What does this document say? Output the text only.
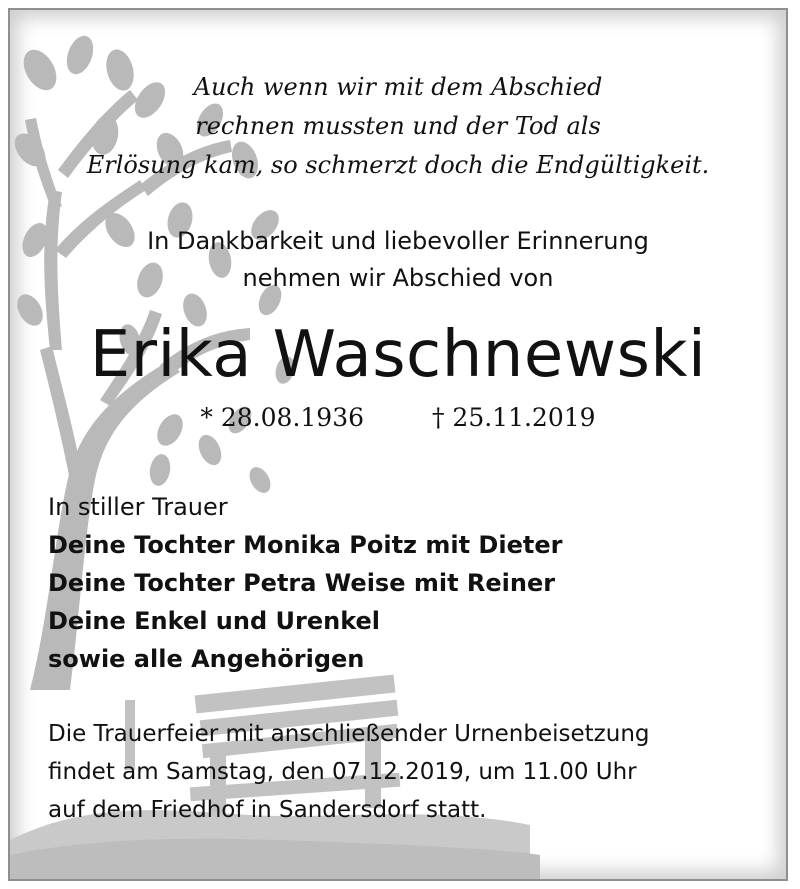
Auch wenn wir mit dem Abschied
rechnen mussten und der Tod als
Erlösung kam, so schmerzt doch die Endgültigkeit.
In Dankbarkeit und liebevoller Erinnerung
nehmen wir Abschied von
Erika Waschnewski
* 28.08.1936	† 25.11.2019
In stiller Trauer
Deine Tochter Monika Poitz mit Dieter
Deine Tochter Petra Weise mit Reiner
Deine Enkel und Urenkel
sowie alle Angehörigen
Die Trauerfeier mit anschließender Urnenbeisetzung
findet am Samstag, den 07.12.2019, um 11.00 Uhr
auf dem Friedhof in Sandersdorf statt.
